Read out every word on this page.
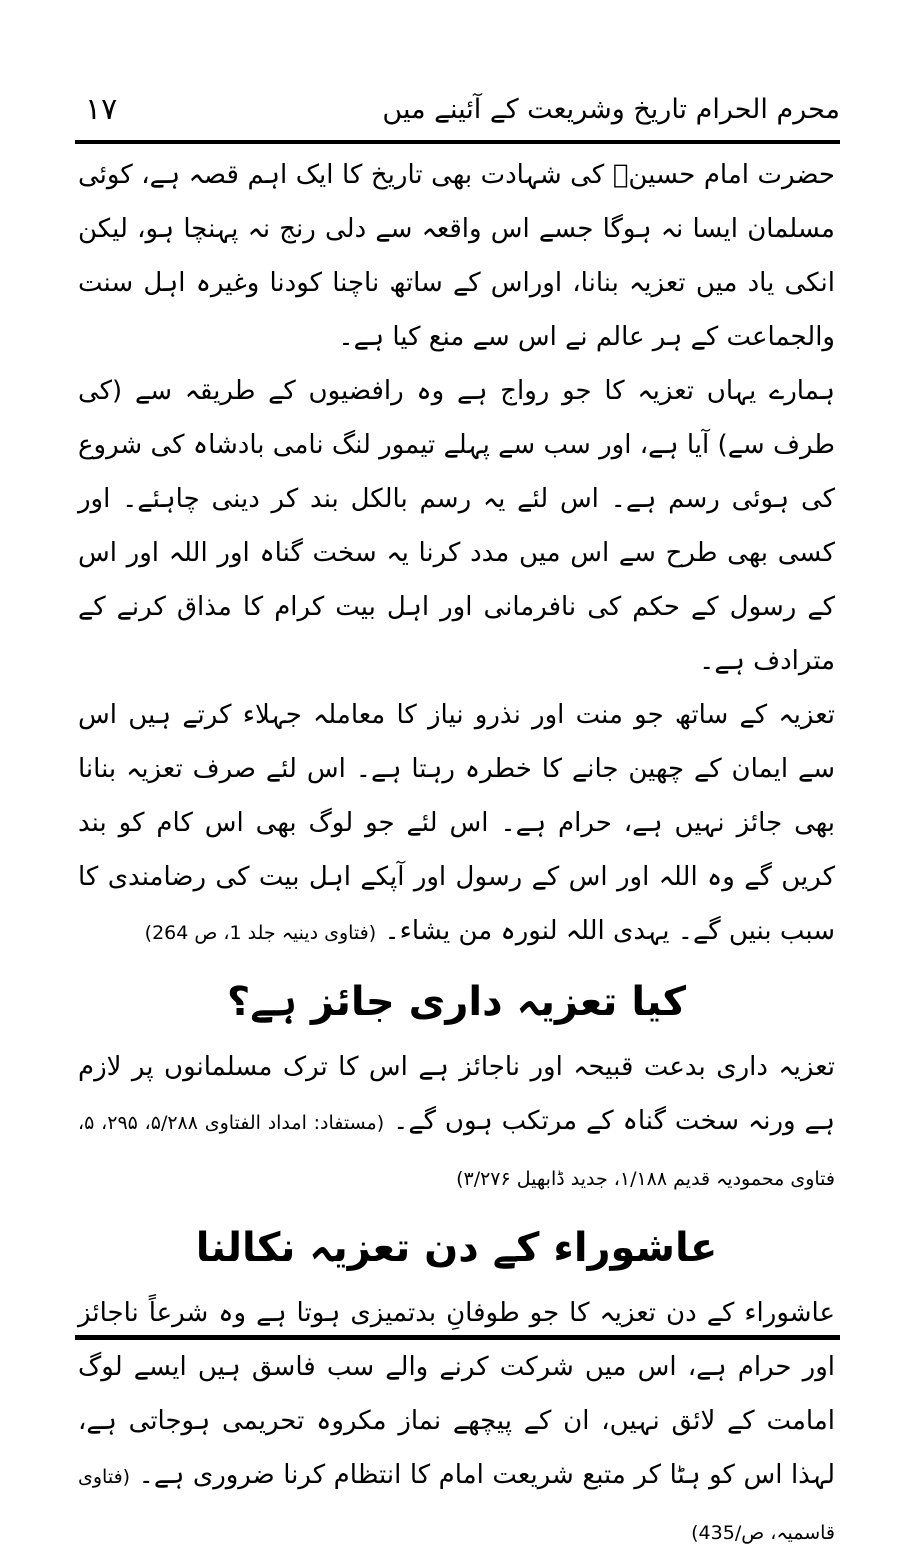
محرم الحرام تاریخ وشریعت کے آئینے میں
۱۷

حضرت امام حسینؓ کی شہادت بھی تاریخ کا ایک اہم قصہ ہے، کوئی مسلمان ایسا نہ ہوگا جسے اس واقعہ سے دلی رنج نہ پہنچا ہو، لیکن انکی یاد میں تعزیہ بنانا، اوراس کے ساتھ ناچنا کودنا وغیرہ اہل سنت والجماعت کے ہر عالم نے اس سے منع کیا ہے۔

ہمارے یہاں تعزیہ کا جو رواج ہے وہ رافضیوں کے طریقہ سے (کی طرف سے) آیا ہے، اور سب سے پہلے تیمور لنگ نامی بادشاہ کی شروع کی ہوئی رسم ہے۔ اس لئے یہ رسم بالکل بند کر دینی چاہئے۔ اور کسی بھی طرح سے اس میں مدد کرنا یہ سخت گناہ اور اللہ اور اس کے رسول کے حکم کی نافرمانی اور اہل بیت کرام کا مذاق کرنے کے مترادف ہے۔

تعزیہ کے ساتھ جو منت اور نذرو نیاز کا معاملہ جہلاء کرتے ہیں اس سے ایمان کے چھین جانے کا خطرہ رہتا ہے۔ اس لئے صرف تعزیہ بنانا بھی جائز نہیں ہے، حرام ہے۔ اس لئے جو لوگ بھی اس کام کو بند کریں گے وہ اللہ اور اس کے رسول اور آپکے اہل بیت کی رضامندی کا سبب بنیں گے۔ یہدی اللہ لنورہ من یشاء۔ (فتاوی دینیہ جلد 1، ص 264)

کیا تعزیہ داری جائز ہے؟

تعزیہ داری بدعت قبیحہ اور ناجائز ہے اس کا ترک مسلمانوں پر لازم ہے ورنہ سخت گناہ کے مرتکب ہوں گے۔ (مستفاد: امداد الفتاوی ۵/۲۸۸، ۲۹۵، ۵، فتاوی محمودیہ قدیم ۱/۱۸۸، جدید ڈابھیل ۳/۲۷۶)

عاشوراء کے دن تعزیہ نکالنا

عاشوراء کے دن تعزیہ کا جو طوفانِ بدتمیزی ہوتا ہے وہ شرعاً ناجائز اور حرام ہے، اس میں شرکت کرنے والے سب فاسق ہیں ایسے لوگ امامت کے لائق نہیں، ان کے پیچھے نماز مکروہ تحریمی ہوجاتی ہے، لہذا اس کو ہٹا کر متبع شریعت امام کا انتظام کرنا ضروری ہے۔ (فتاوی قاسمیہ، ص/435)
